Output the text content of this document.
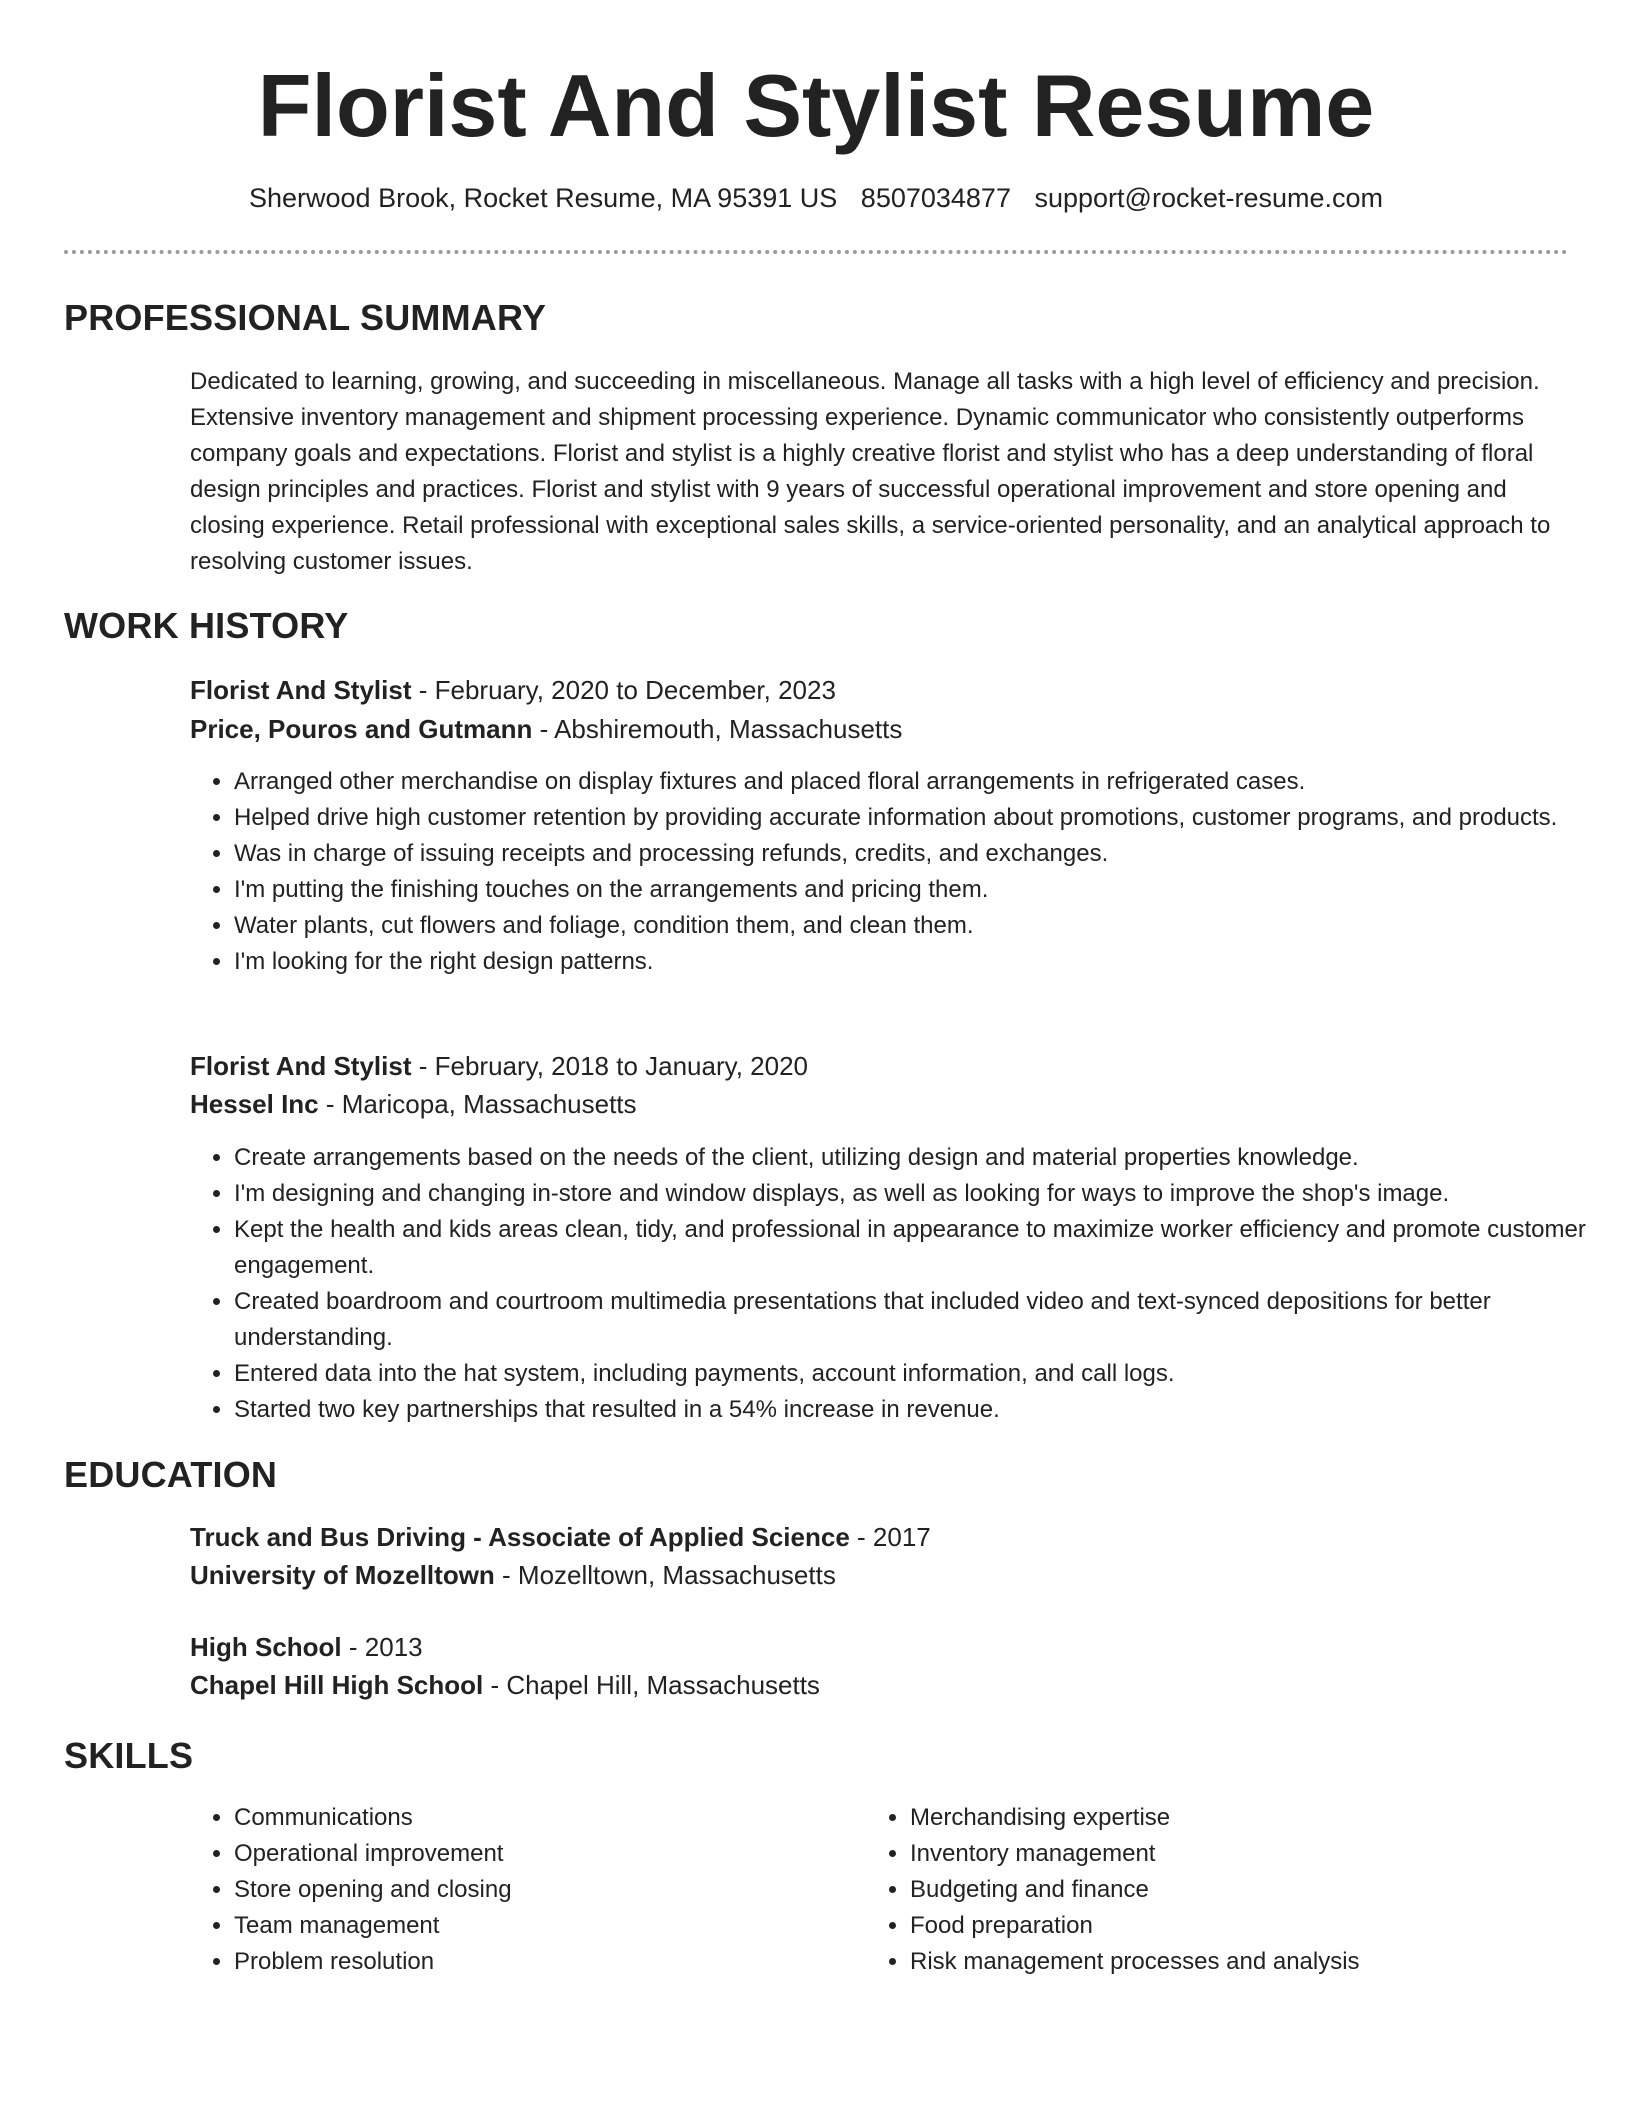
Florist And Stylist Resume
Sherwood Brook, Rocket Resume, MA 95391 US 8507034877 support@rocket-resume.com
PROFESSIONAL SUMMARY

Dedicated to learning, growing, and succeeding in miscellaneous. Manage all tasks with a high level of efficiency and precision. Extensive inventory management and shipment processing experience. Dynamic communicator who consistently outperforms company goals and expectations. Florist and stylist is a highly creative florist and stylist who has a deep understanding of floral design principles and practices. Florist and stylist with 9 years of successful operational improvement and store opening and closing experience. Retail professional with exceptional sales skills, a service-oriented personality, and an analytical approach to resolving customer issues.

WORK HISTORY
Florist And Stylist - February, 2020 to December, 2023
Price, Pouros and Gutmann - Abshiremouth, Massachusetts
• Arranged other merchandise on display fixtures and placed floral arrangements in refrigerated cases.
• Helped drive high customer retention by providing accurate information about promotions, customer programs, and products.
• Was in charge of issuing receipts and processing refunds, credits, and exchanges.
• I'm putting the finishing touches on the arrangements and pricing them.
• Water plants, cut flowers and foliage, condition them, and clean them.
• I'm looking for the right design patterns.
Florist And Stylist - February, 2018 to January, 2020
Hessel Inc - Maricopa, Massachusetts
• Create arrangements based on the needs of the client, utilizing design and material properties knowledge.
• I'm designing and changing in-store and window displays, as well as looking for ways to improve the shop's image.
• Kept the health and kids areas clean, tidy, and professional in appearance to maximize worker efficiency and promote customer engagement.
• Created boardroom and courtroom multimedia presentations that included video and text-synced depositions for better understanding.
• Entered data into the hat system, including payments, account information, and call logs.
• Started two key partnerships that resulted in a 54% increase in revenue.
EDUCATION
Truck and Bus Driving - Associate of Applied Science - 2017
University of Mozelltown - Mozelltown, Massachusetts
High School - 2013
Chapel Hill High School - Chapel Hill, Massachusetts
SKILLS
• Communications
• Operational improvement
• Store opening and closing
• Team management
• Problem resolution
• Merchandising expertise
• Inventory management
• Budgeting and finance
• Food preparation
• Risk management processes and analysis
